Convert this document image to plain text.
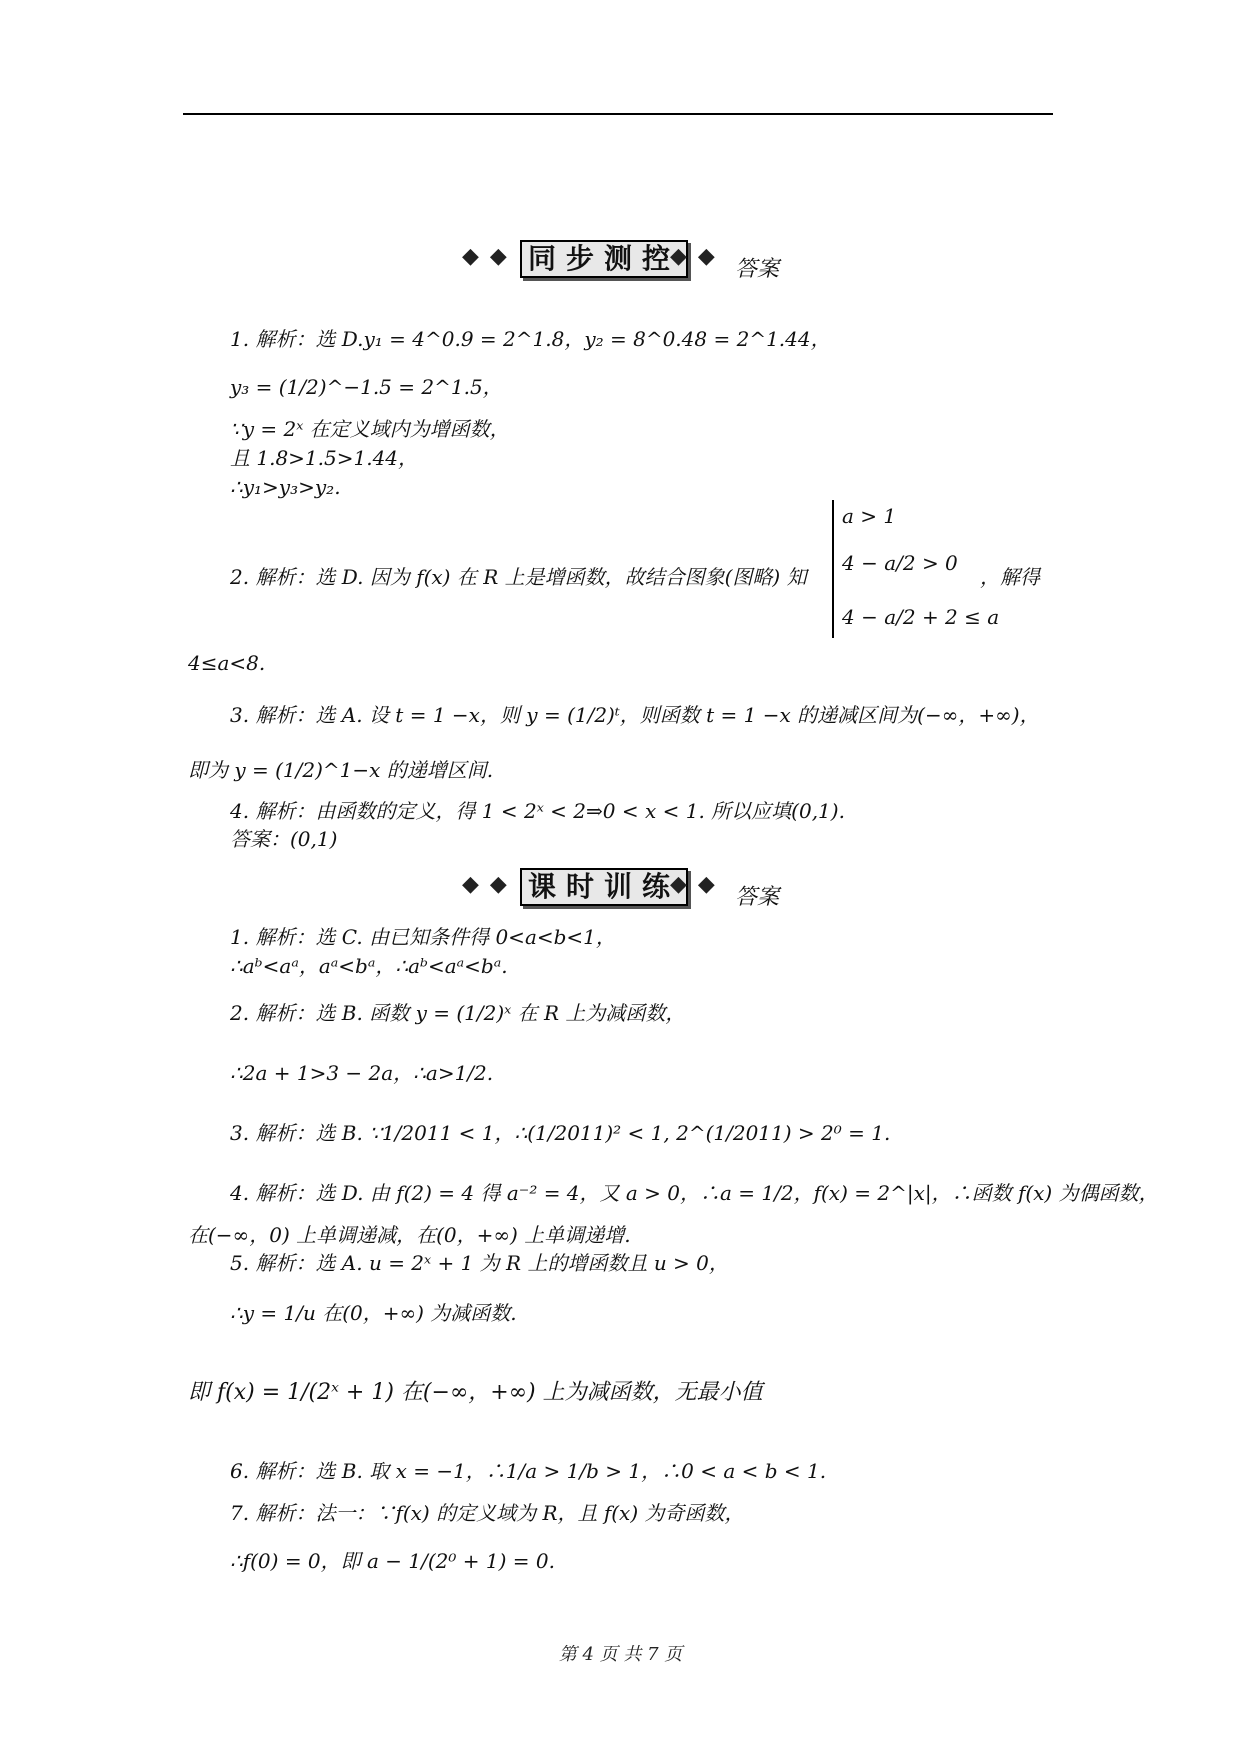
◆ ◆ 同步测控
◆ ◆
答案
1. 解析：选 D.y₁ = 4^0.9 = 2^1.8，y₂ = 8^0.48 = 2^1.44，
y₃ = (1/2)^−1.5 = 2^1.5，
∵y = 2ˣ 在定义域内为增函数，
且 1.8>1.5>1.44，
∴y₁>y₃>y₂.
a > 1
4 − a/2 > 0
4 − a/2 + 2 ≤ a
2. 解析：选 D. 因为 f(x) 在 R 上是增函数，故结合图象(图略) 知	，解得
4≤a<8.
3. 解析：选 A. 设 t = 1 −x，则 y = (1/2)ᵗ，则函数 t = 1 −x 的递减区间为(−∞，+∞)，
即为 y = (1/2)^1−x 的递增区间.
4. 解析：由函数的定义，得 1 < 2ˣ < 2⇒0 < x < 1. 所以应填(0,1).
答案：(0,1)
◆ ◆ 课时训练
◆ ◆
答案
1. 解析：选 C. 由已知条件得 0<a<b<1，
∴aᵇ<aᵃ，aᵃ<bᵃ，∴aᵇ<aᵃ<bᵃ.
2. 解析：选 B. 函数 y = (1/2)ˣ 在 R 上为减函数，
∴2a + 1>3 − 2a，∴a>1/2.
3. 解析：选 B. ∵1/2011 < 1，∴(1/2011)² < 1, 2^(1/2011) > 2⁰ = 1.
4. 解析：选 D. 由 f(2) = 4 得 a⁻² = 4，又 a > 0，∴a = 1/2，f(x) = 2^|x|，∴函数 f(x) 为偶函数，
在(−∞，0) 上单调递减，在(0，+∞) 上单调递增.
5. 解析：选 A. u = 2ˣ + 1 为 R 上的增函数且 u > 0，
∴y = 1/u 在(0，+∞) 为减函数.
即 f(x) = 1/(2ˣ + 1) 在(−∞，+∞) 上为减函数，无最小值
6. 解析：选 B. 取 x = −1，∴1/a > 1/b > 1，∴0 < a < b < 1.
7. 解析：法一：∵f(x) 的定义域为 R，且 f(x) 为奇函数，
∴f(0) = 0，即 a − 1/(2⁰ + 1) = 0.
第 4 页 共 7 页
